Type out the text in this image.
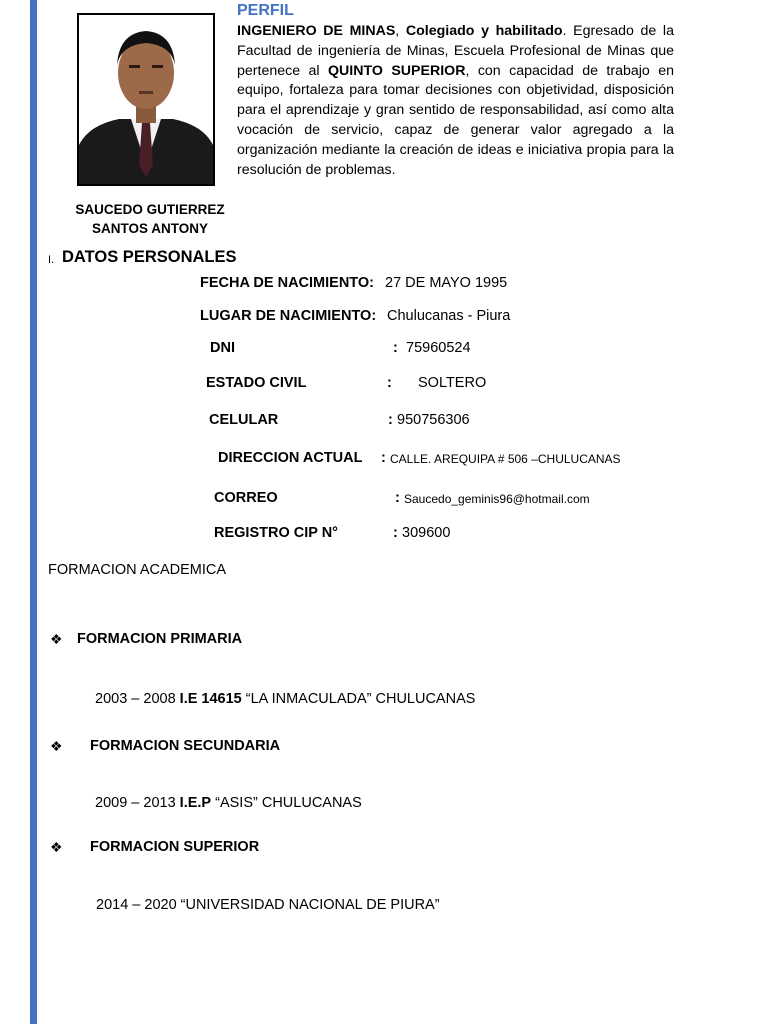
SAUCEDO GUTIERREZ
SANTOS ANTONY
PERFIL
INGENIERO DE MINAS, Colegiado y habilitado. Egresado de la Facultad de ingeniería de Minas, Escuela Profesional de Minas que pertenece al QUINTO SUPERIOR, con capacidad de trabajo en equipo, fortaleza para tomar decisiones con objetividad, disposición para el aprendizaje y gran sentido de responsabilidad, así como alta vocación de servicio, capaz de generar valor agregado a la organización mediante la creación de ideas e iniciativa propia para la resolución de problemas.
I. DATOS PERSONALES
FECHA DE NACIMIENTO: 27 DE MAYO 1995
LUGAR DE NACIMIENTO: Chulucanas - Piura
DNI	: 75960524
ESTADO CIVIL	: SOLTERO
CELULAR	: 950756306
DIRECCION ACTUAL : CALLE. AREQUIPA # 506 –CHULUCANAS
CORREO	: Saucedo_geminis96@hotmail.com
REGISTRO CIP N°	: 309600
FORMACION ACADEMICA
❖ FORMACION PRIMARIA
2003 – 2008 I.E 14615 “LA INMACULADA” CHULUCANAS
❖ FORMACION SECUNDARIA
2009 – 2013 I.E.P “ASIS” CHULUCANAS
❖ FORMACION SUPERIOR
2014 – 2020 “UNIVERSIDAD NACIONAL DE PIURA”
